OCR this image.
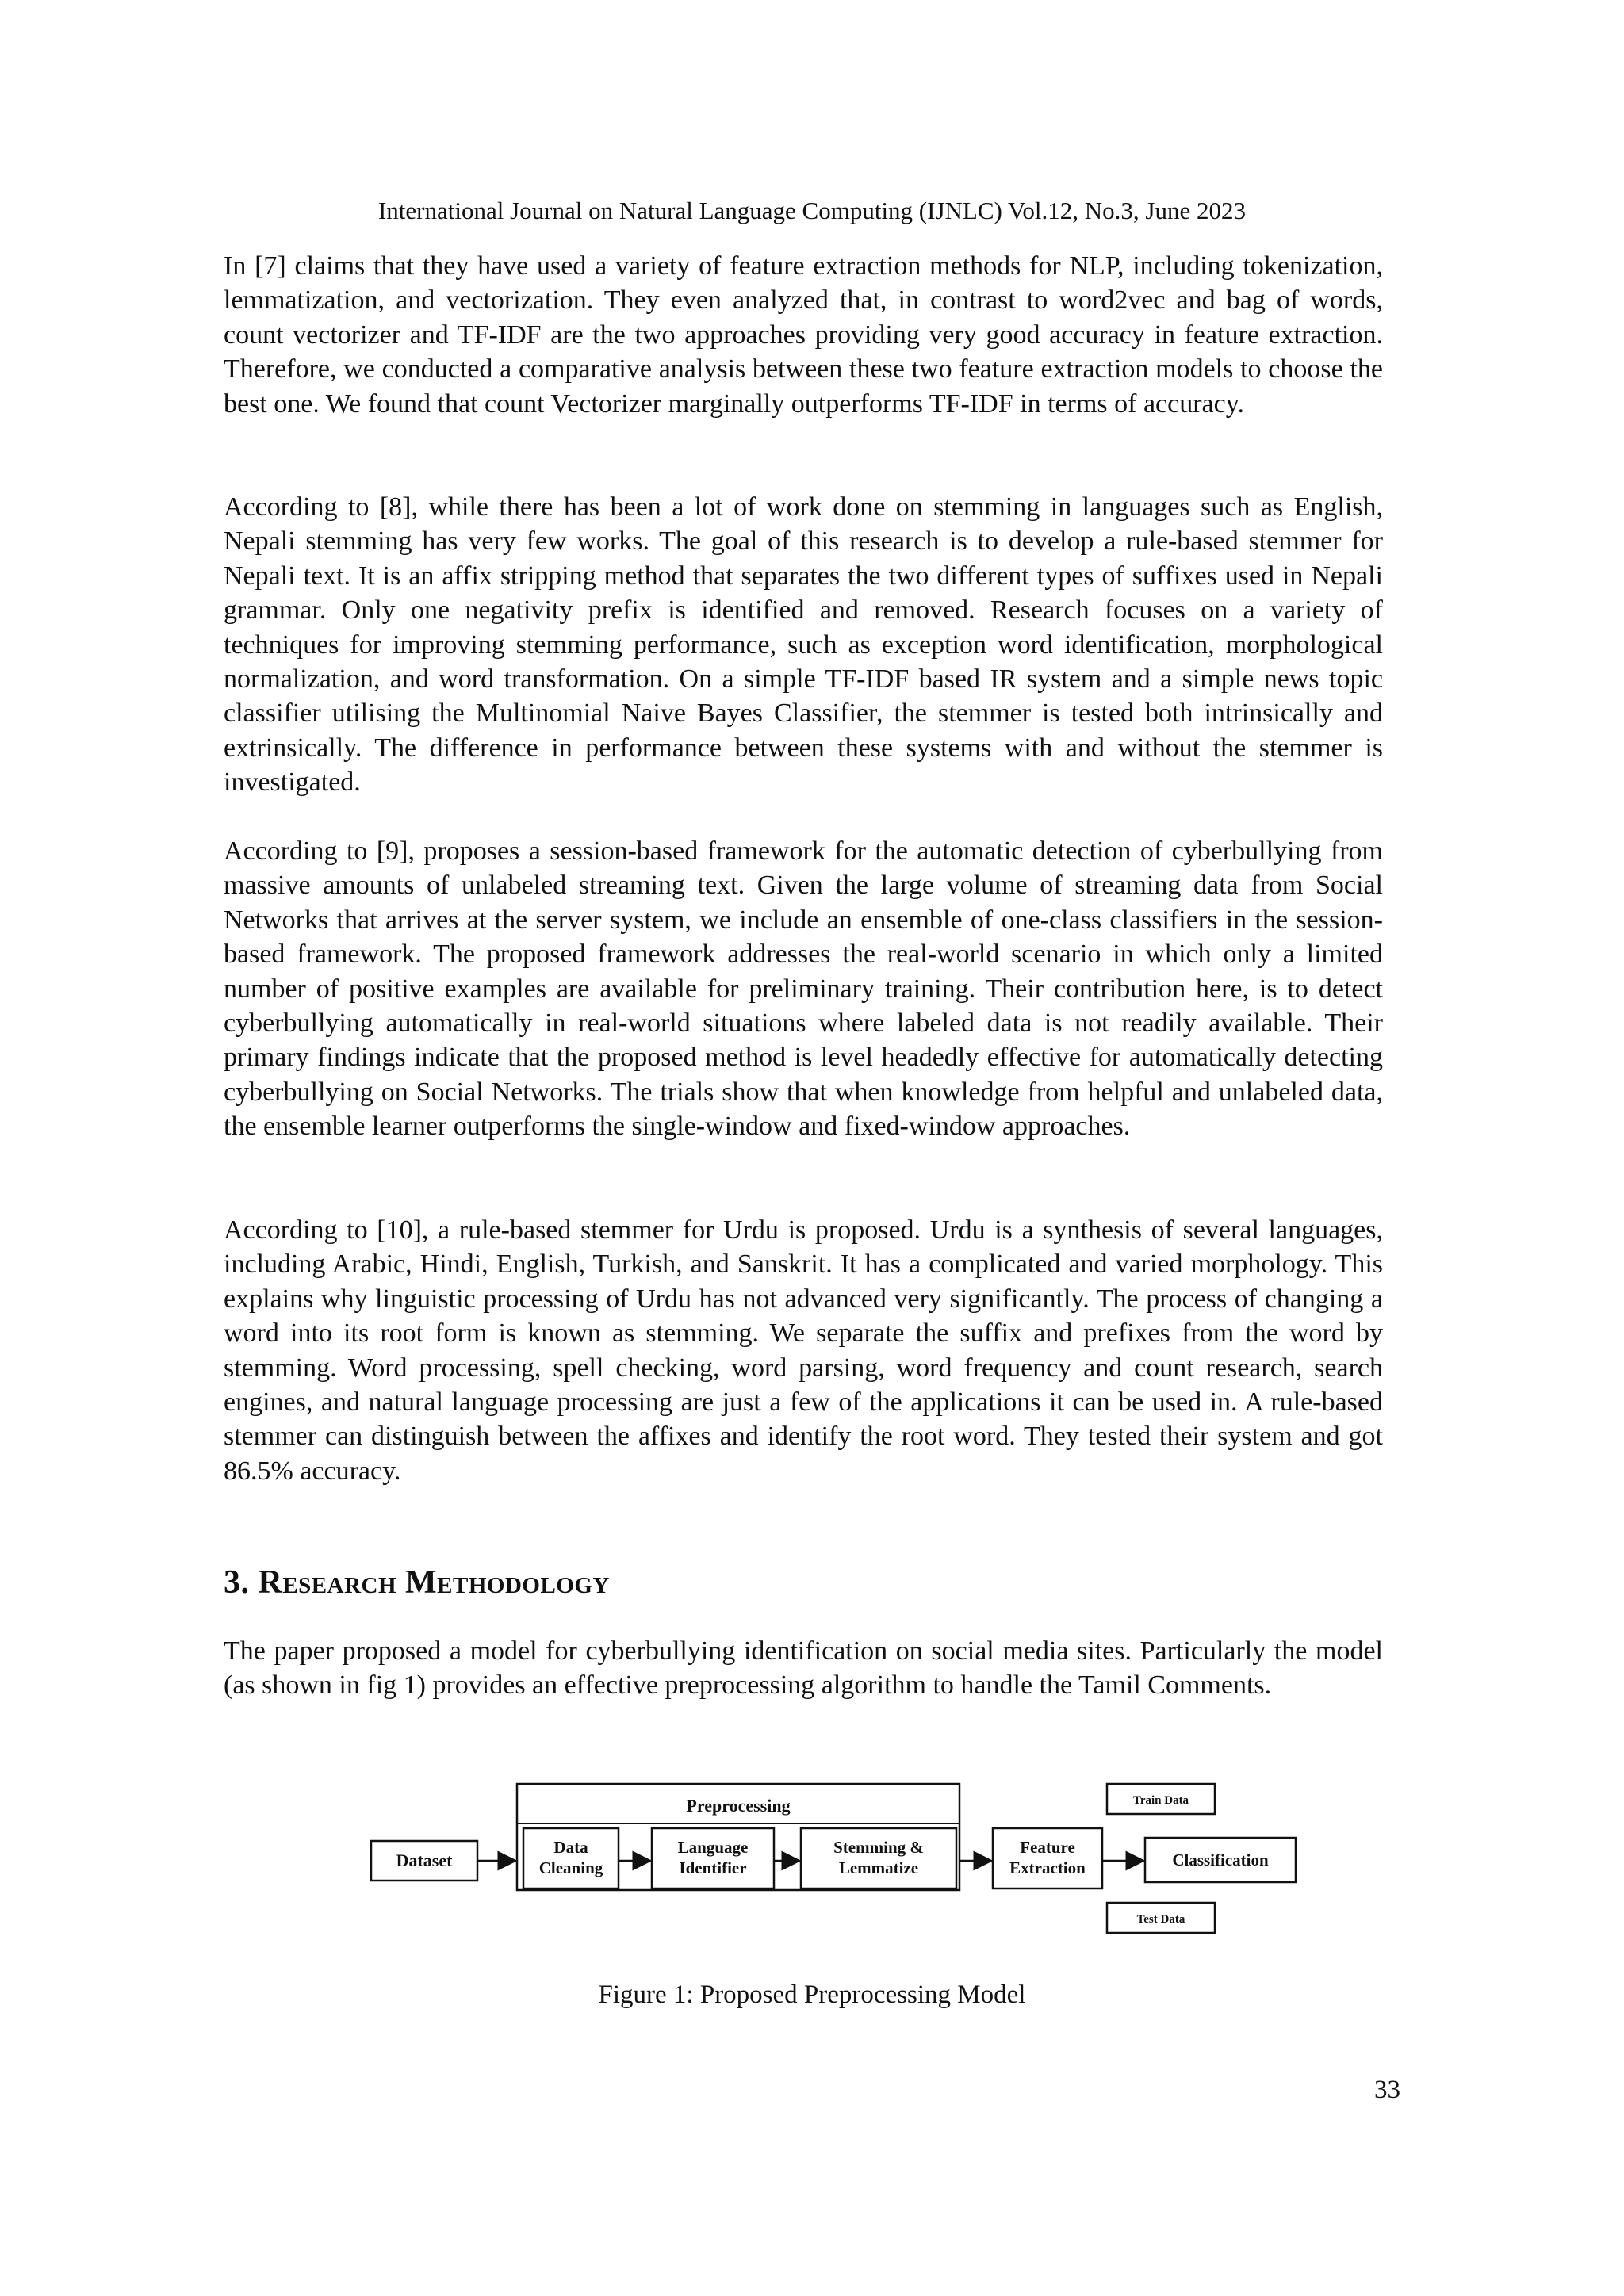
International Journal on Natural Language Computing (IJNLC) Vol.12, No.3, June 2023

In [7] claims that they have used a variety of feature extraction methods for NLP, including tokenization, lemmatization, and vectorization. They even analyzed that, in contrast to word2vec and bag of words, count vectorizer and TF-IDF are the two approaches providing very good accuracy in feature extraction. Therefore, we conducted a comparative analysis between these two feature extraction models to choose the best one. We found that count Vectorizer marginally outperforms TF-IDF in terms of accuracy.

According to [8], while there has been a lot of work done on stemming in languages such as English, Nepali stemming has very few works. The goal of this research is to develop a rule-based stemmer for Nepali text. It is an affix stripping method that separates the two different types of suffixes used in Nepali grammar. Only one negativity prefix is identified and removed. Research focuses on a variety of techniques for improving stemming performance, such as exception word identification, morphological normalization, and word transformation. On a simple TF-IDF based IR system and a simple news topic classifier utilising the Multinomial Naive Bayes Classifier, the stemmer is tested both intrinsically and extrinsically. The difference in performance between these systems with and without the stemmer is investigated.

According to [9], proposes a session-based framework for the automatic detection of cyberbullying from massive amounts of unlabeled streaming text. Given the large volume of streaming data from Social Networks that arrives at the server system, we include an ensemble of one-class classifiers in the session-based framework. The proposed framework addresses the real-world scenario in which only a limited number of positive examples are available for preliminary training. Their contribution here, is to detect cyberbullying automatically in real-world situations where labeled data is not readily available. Their primary findings indicate that the proposed method is level headedly effective for automatically detecting cyberbullying on Social Networks. The trials show that when knowledge from helpful and unlabeled data, the ensemble learner outperforms the single-window and fixed-window approaches.

According to [10], a rule-based stemmer for Urdu is proposed. Urdu is a synthesis of several languages, including Arabic, Hindi, English, Turkish, and Sanskrit. It has a complicated and varied morphology. This explains why linguistic processing of Urdu has not advanced very significantly. The process of changing a word into its root form is known as stemming. We separate the suffix and prefixes from the word by stemming. Word processing, spell checking, word parsing, word frequency and count research, search engines, and natural language processing are just a few of the applications it can be used in. A rule-based stemmer can distinguish between the affixes and identify the root word. They tested their system and got 86.5% accuracy.

3. Research Methodology

The paper proposed a model for cyberbullying identification on social media sites. Particularly the model (as shown in fig 1) provides an effective preprocessing algorithm to handle the Tamil Comments.

Preprocessing
Dataset
Data
Cleaning
Language
Identifier
Stemming &
Lemmatize
Feature
Extraction	Classification
Train Data
Test Data
Figure 1: Proposed Preprocessing Model
33
